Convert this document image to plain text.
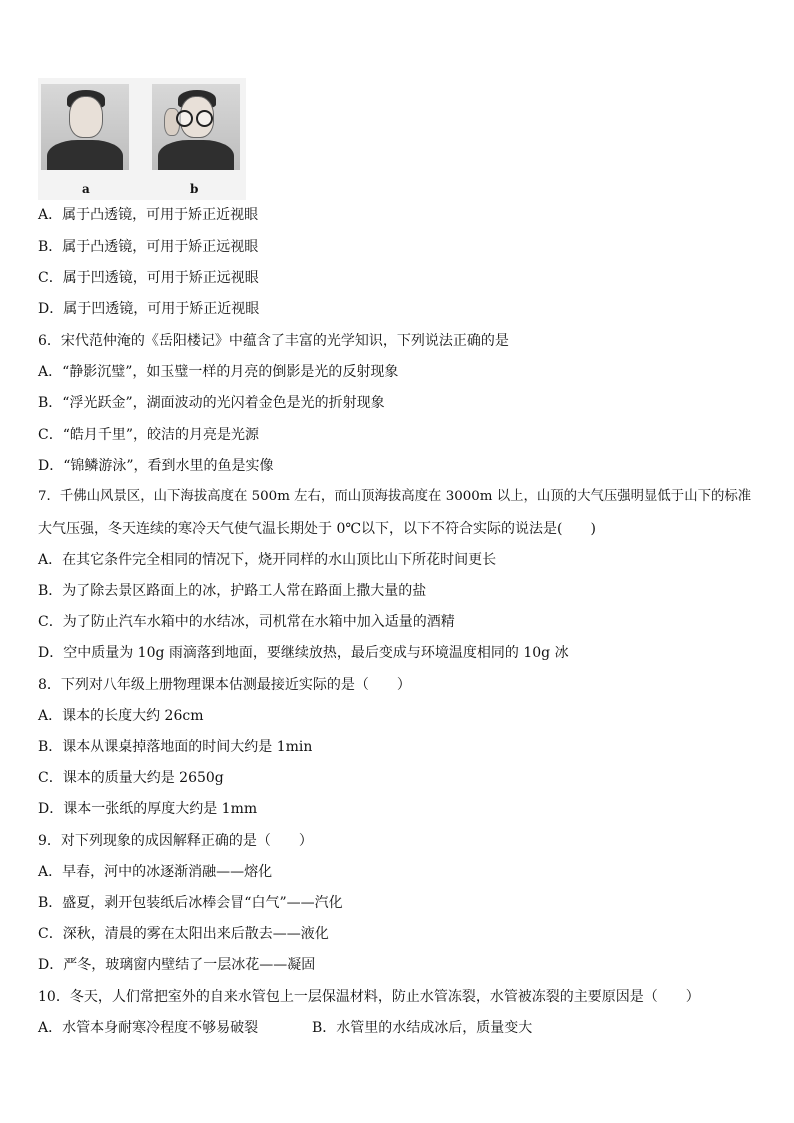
a	b
A．属于凸透镜，可用于矫正近视眼
B．属于凸透镜，可用于矫正远视眼
C．属于凹透镜，可用于矫正远视眼
D．属于凹透镜，可用于矫正近视眼
6．宋代范仲淹的《岳阳楼记》中蕴含了丰富的光学知识，下列说法正确的是
A．“静影沉璧”，如玉璧一样的月亮的倒影是光的反射现象
B．“浮光跃金”，湖面波动的光闪着金色是光的折射现象
C．“皓月千里”，皎洁的月亮是光源
D．“锦鳞游泳”，看到水里的鱼是实像
7．千佛山风景区，山下海拔高度在 500m 左右，而山顶海拔高度在 3000m 以上，山顶的大气压强明显低于山下的标准
大气压强，冬天连续的寒冷天气使气温长期处于 0℃以下，以下不符合实际的说法是(　　)
A．在其它条件完全相同的情况下，烧开同样的水山顶比山下所花时间更长
B．为了除去景区路面上的冰，护路工人常在路面上撒大量的盐
C．为了防止汽车水箱中的水结冰，司机常在水箱中加入适量的酒精
D．空中质量为 10g 雨滴落到地面，要继续放热，最后变成与环境温度相同的 10g 冰
8．下列对八年级上册物理课本估测最接近实际的是（　　）
A．课本的长度大约 26cm
B．课本从课桌掉落地面的时间大约是 1min
C．课本的质量大约是 2650g
D．课本一张纸的厚度大约是 1mm
9．对下列现象的成因解释正确的是（　　）
A．早春，河中的冰逐渐消融——熔化
B．盛夏，剥开包装纸后冰棒会冒“白气”——汽化
C．深秋，清晨的雾在太阳出来后散去——液化
D．严冬，玻璃窗内壁结了一层冰花——凝固
10．冬天，人们常把室外的自来水管包上一层保温材料，防止水管冻裂，水管被冻裂的主要原因是（　　）
A．水管本身耐寒冷程度不够易破裂	B．水管里的水结成冰后，质量变大
